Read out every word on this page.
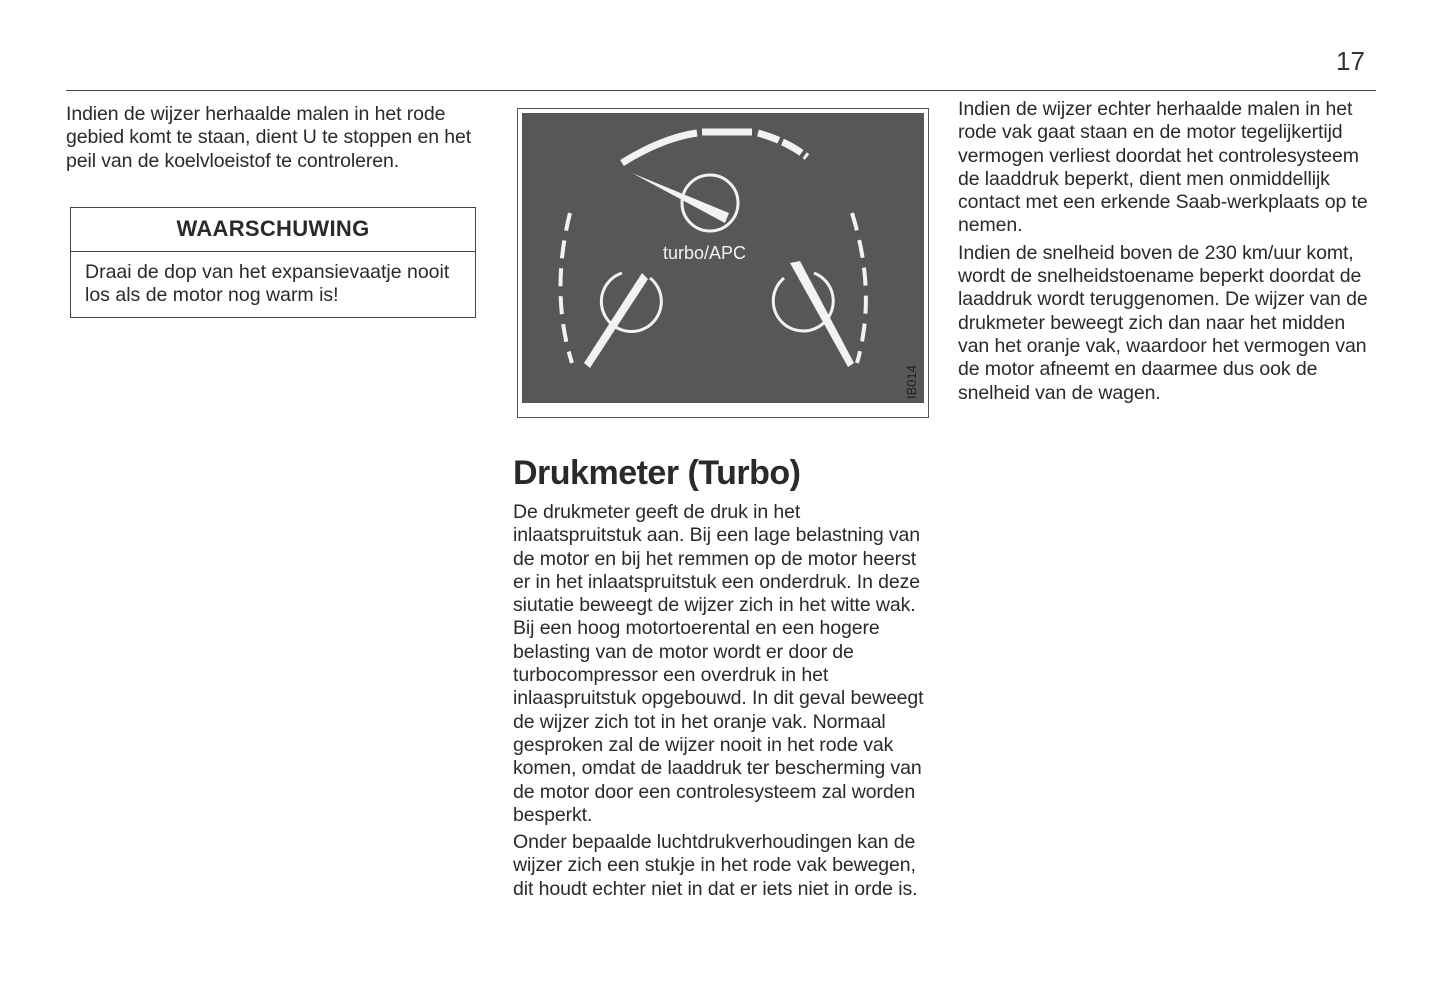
17

Indien de wijzer herhaalde malen in het rode gebied komt te staan, dient U te stoppen en het peil van de koelvloeistof te controleren.

WAARSCHUWING
Draai de dop van het expansievaatje nooit los als de motor nog warm is!
turbo/APC
IB014
Drukmeter (Turbo)

De drukmeter geeft de druk in het inlaatspruitstuk aan. Bij een lage belastning van de motor en bij het remmen op de motor heerst er in het inlaatspruitstuk een onderdruk. In deze siutatie beweegt de wijzer zich in het witte wak. Bij een hoog motortoerental en een hogere belasting van de motor wordt er door de turbocompressor een overdruk in het inlaaspruitstuk opgebouwd. In dit geval beweegt de wijzer zich tot in het oranje vak. Normaal gesproken zal de wijzer nooit in het rode vak komen, omdat de laaddruk ter bescherming van de motor door een controlesysteem zal worden besperkt.

Onder bepaalde luchtdrukverhoudingen kan de wijzer zich een stukje in het rode vak bewegen, dit houdt echter niet in dat er iets niet in orde is.

Indien de wijzer echter herhaalde malen in het rode vak gaat staan en de motor tegelijkertijd vermogen verliest doordat het controlesysteem de laaddruk beperkt, dient men onmiddellijk contact met een erkende Saab-werkplaats op te nemen.

Indien de snelheid boven de 230 km/uur komt, wordt de snelheidstoename beperkt doordat de laaddruk wordt teruggenomen. De wijzer van de drukmeter beweegt zich dan naar het midden van het oranje vak, waardoor het vermogen van de motor afneemt en daarmee dus ook de snelheid van de wagen.
